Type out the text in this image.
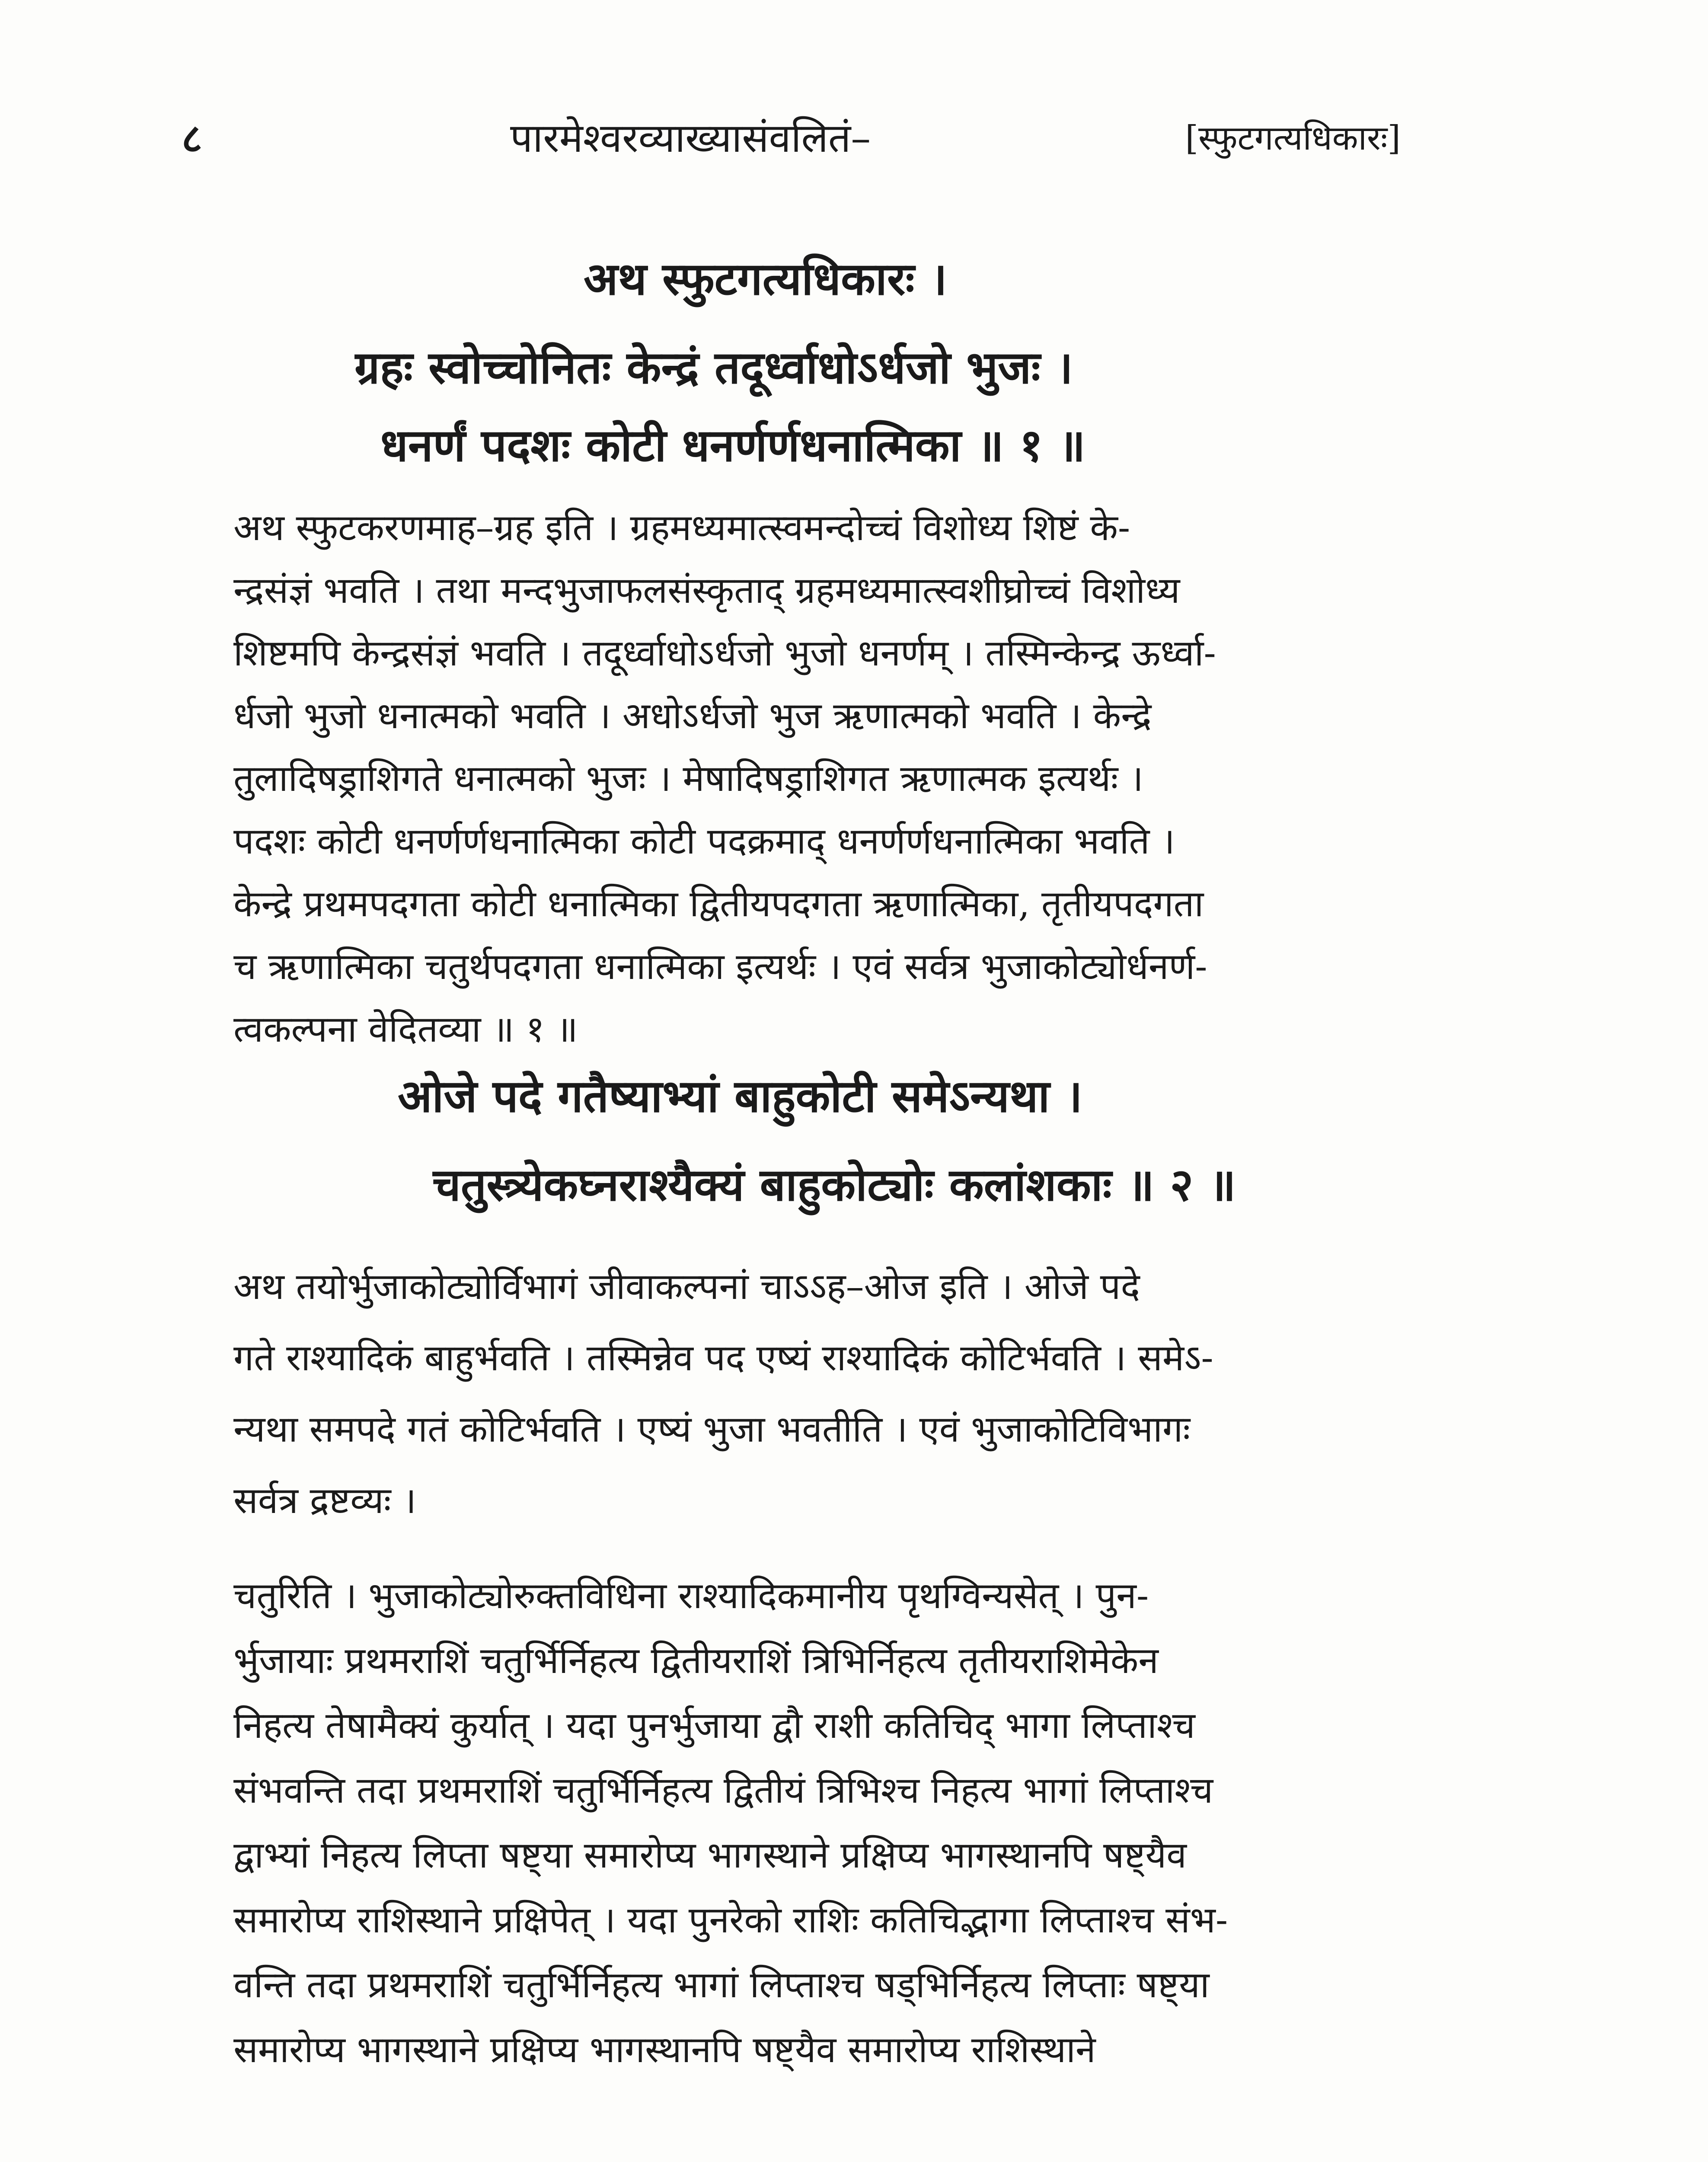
८	पारमेश्वरव्याख्यासंवलितं–	[स्फुटगत्यधिकारः]
अथ स्फुटगत्यधिकारः ।
ग्रहः स्वोच्चोनितः केन्द्रं तदूर्ध्वाधोऽर्धजो भुजः ।
धनर्णं पदशः कोटी धनर्णर्णधनात्मिका ॥ १ ॥
अथ स्फुटकरणमाह–ग्रह इति । ग्रहमध्यमात्स्वमन्दोच्चं विशोध्य शिष्टं के-
न्द्रसंज्ञं भवति । तथा मन्दभुजाफलसंस्कृताद् ग्रहमध्यमात्स्वशीघ्रोच्चं विशोध्य
शिष्टमपि केन्द्रसंज्ञं भवति । तदूर्ध्वाधोऽर्धजो भुजो धनर्णम् । तस्मिन्केन्द्र ऊर्ध्वा-
र्धजो भुजो धनात्मको भवति । अधोऽर्धजो भुज ऋणात्मको भवति । केन्द्रे
तुलादिषड्राशिगते धनात्मको भुजः । मेषादिषड्राशिगत ऋणात्मक इत्यर्थः ।
पदशः कोटी धनर्णर्णधनात्मिका कोटी पदक्रमाद् धनर्णर्णधनात्मिका भवति ।
केन्द्रे प्रथमपदगता कोटी धनात्मिका द्वितीयपदगता ऋणात्मिका, तृतीयपदगता
च ऋणात्मिका चतुर्थपदगता धनात्मिका इत्यर्थः । एवं सर्वत्र भुजाकोट्योर्धनर्ण-
त्वकल्पना वेदितव्या ॥ १ ॥
ओजे पदे गतैष्याभ्यां बाहुकोटी समेऽन्यथा ।
चतुस्त्र्येकघ्नराश्यैक्यं बाहुकोट्योः कलांशकाः ॥ २ ॥
अथ तयोर्भुजाकोट्योर्विभागं जीवाकल्पनां चाऽऽह–ओज इति । ओजे पदे
गते राश्यादिकं बाहुर्भवति । तस्मिन्नेव पद एष्यं राश्यादिकं कोटिर्भवति । समेऽ-
न्यथा समपदे गतं कोटिर्भवति । एष्यं भुजा भवतीति । एवं भुजाकोटिविभागः
सर्वत्र द्रष्टव्यः ।
चतुरिति । भुजाकोट्योरुक्तविधिना राश्यादिकमानीय पृथग्विन्यसेत् । पुन-
र्भुजायाः प्रथमराशिं चतुर्भिर्निहत्य द्वितीयराशिं त्रिभिर्निहत्य तृतीयराशिमेकेन
निहत्य तेषामैक्यं कुर्यात् । यदा पुनर्भुजाया द्वौ राशी कतिचिद् भागा लिप्ताश्च
संभवन्ति तदा प्रथमराशिं चतुर्भिर्निहत्य द्वितीयं त्रिभिश्च निहत्य भागां लिप्ताश्च
द्वाभ्यां निहत्य लिप्ता षष्ट्या समारोप्य भागस्थाने प्रक्षिप्य भागस्थानपि षष्ट्यैव
समारोप्य राशिस्थाने प्रक्षिपेत् । यदा पुनरेको राशिः कतिचिद्भागा लिप्ताश्च संभ-
वन्ति तदा प्रथमराशिं चतुर्भिर्निहत्य भागां लिप्ताश्च षड्भिर्निहत्य लिप्ताः षष्ट्या
समारोप्य भागस्थाने प्रक्षिप्य भागस्थानपि षष्ट्यैव समारोप्य राशिस्थाने
